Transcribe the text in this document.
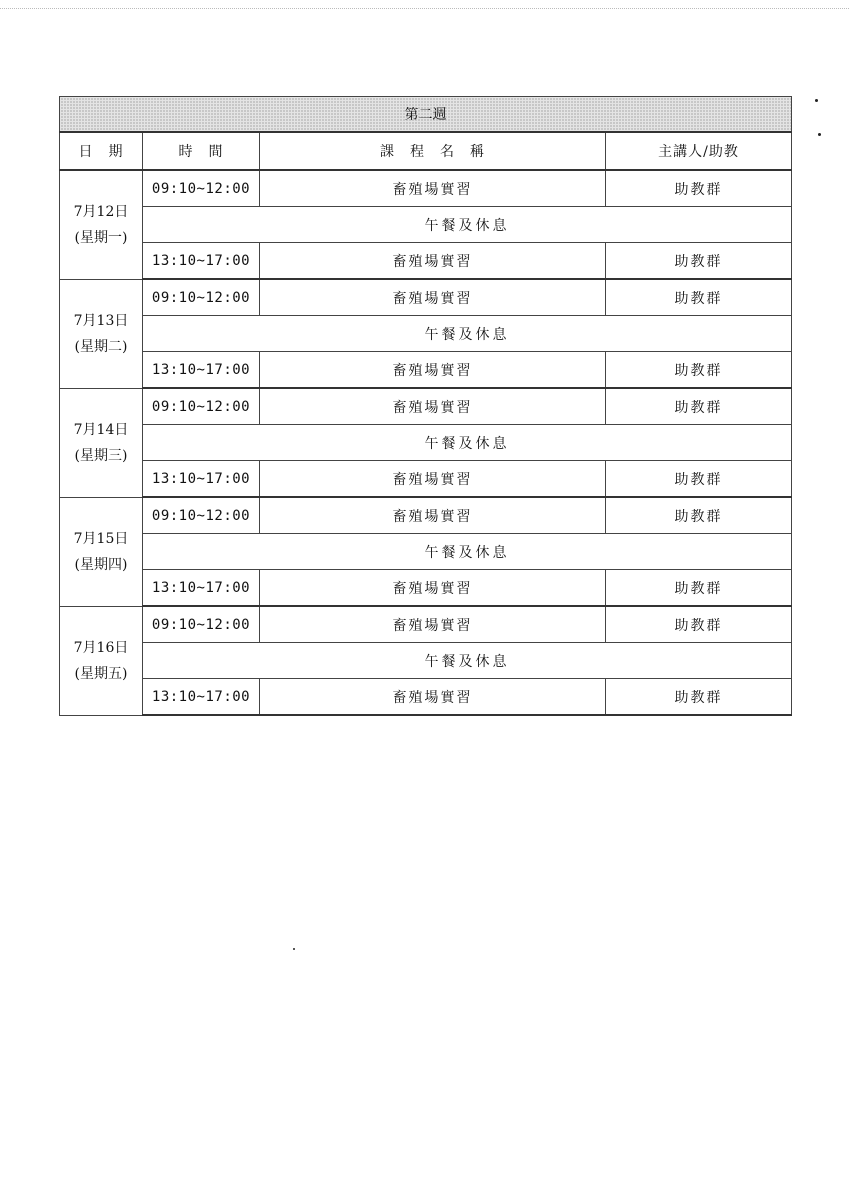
第二週			
日　期	時　間	課　程　名　稱	主講人/助教

7月12日
(星期一)	09:10~12:00	畜殖場實習	助教群
	午餐及休息		
	13:10~17:00	畜殖場實習	助教群

7月13日
(星期二)	09:10~12:00	畜殖場實習	助教群
	午餐及休息		
	13:10~17:00	畜殖場實習	助教群

7月14日
(星期三)	09:10~12:00	畜殖場實習	助教群
	午餐及休息		
	13:10~17:00	畜殖場實習	助教群

7月15日
(星期四)	09:10~12:00	畜殖場實習	助教群
	午餐及休息		
	13:10~17:00	畜殖場實習	助教群

7月16日
(星期五)	09:10~12:00	畜殖場實習	助教群
	午餐及休息		
	13:10~17:00	畜殖場實習	助教群
